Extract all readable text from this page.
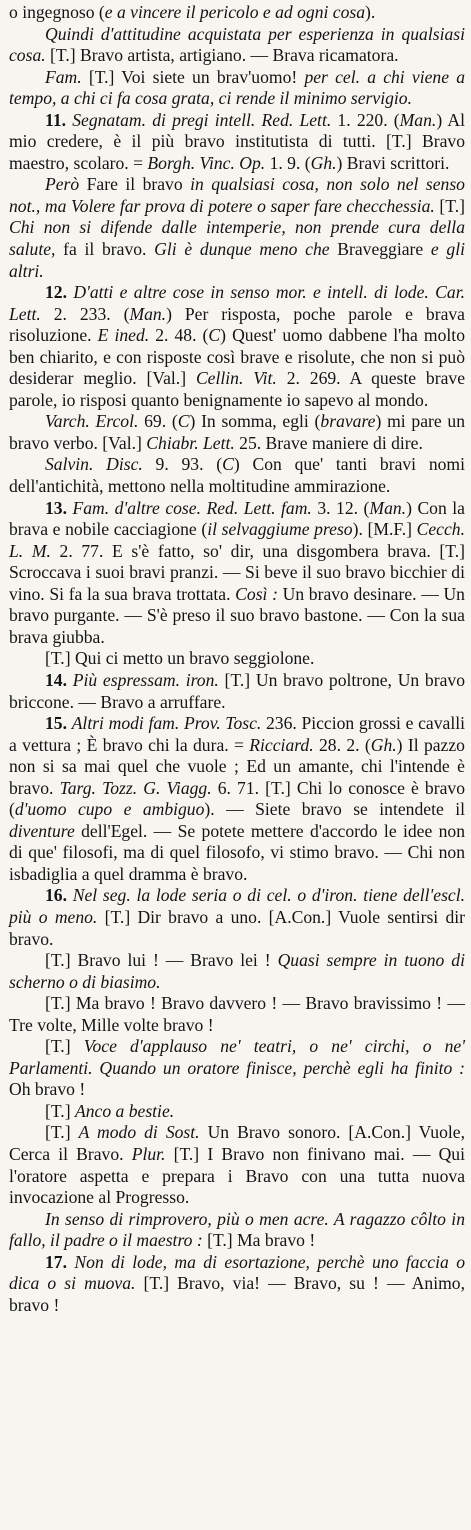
o ingegnoso (e a vincere il pericolo e ad ogni cosa).

Quindi d'attitudine acquistata per esperienza in qualsiasi cosa. [T.] Bravo artista, artigiano. — Brava ricamatora.

Fam. [T.] Voi siete un brav'uomo! per cel. a chi viene a tempo, a chi ci fa cosa grata, ci rende il minimo servigio.

11. Segnatam. di pregi intell. Red. Lett. 1. 220. (Man.) Al mio credere, è il più bravo institutista di tutti. [T.] Bravo maestro, scolaro. = Borgh. Vinc. Op. 1. 9. (Gh.) Bravi scrittori.

Però Fare il bravo in qualsiasi cosa, non solo nel senso not., ma Volere far prova di potere o saper fare checchessia. [T.] Chi non si difende dalle intemperie, non prende cura della salute, fa il bravo. Gli è dunque meno che Braveggiare e gli altri.

12. D'atti e altre cose in senso mor. e intell. di lode. Car. Lett. 2. 233. (Man.) Per risposta, poche parole e brava risoluzione. E ined. 2. 48. (C) Quest' uomo dabbene l'ha molto ben chiarito, e con risposte così brave e risolute, che non si può desiderar meglio. [Val.] Cellin. Vit. 2. 269. A queste brave parole, io risposi quanto benignamente io sapevo al mondo.

Varch. Ercol. 69. (C) In somma, egli (bravare) mi pare un bravo verbo. [Val.] Chiabr. Lett. 25. Brave maniere di dire.

Salvin. Disc. 9. 93. (C) Con que' tanti bravi nomi dell'antichità, mettono nella moltitudine ammirazione.

13. Fam. d'altre cose. Red. Lett. fam. 3. 12. (Man.) Con la brava e nobile cacciagione (il selvaggiume preso). [M.F.] Cecch. L. M. 2. 77. E s'è fatto, so' dir, una disgombera brava. [T.] Scroccava i suoi bravi pranzi. — Si beve il suo bravo bicchier di vino. Si fa la sua brava trottata. Così : Un bravo desinare. — Un bravo purgante. — S'è preso il suo bravo bastone. — Con la sua brava giubba.

[T.] Qui ci metto un bravo seggiolone.

14. Più espressam. iron. [T.] Un bravo poltrone, Un bravo briccone. — Bravo a arruffare.

15. Altri modi fam. Prov. Tosc. 236. Piccion grossi e cavalli a vettura ; È bravo chi la dura. = Ricciard. 28. 2. (Gh.) Il pazzo non si sa mai quel che vuole ; Ed un amante, chi l'intende è bravo. Targ. Tozz. G. Viagg. 6. 71. [T.] Chi lo conosce è bravo (d'uomo cupo e ambiguo). — Siete bravo se intendete il diventure dell'Egel. — Se potete mettere d'accordo le idee non di que' filosofi, ma di quel filosofo, vi stimo bravo. — Chi non isbadiglia a quel dramma è bravo.

16. Nel seg. la lode seria o di cel. o d'iron. tiene dell'escl. più o meno. [T.] Dir bravo a uno. [A.Con.] Vuole sentirsi dir bravo.

[T.] Bravo lui ! — Bravo lei ! Quasi sempre in tuono di scherno o di biasimo.

[T.] Ma bravo ! Bravo davvero ! — Bravo bravissimo ! — Tre volte, Mille volte bravo !

[T.] Voce d'applauso ne' teatri, o ne' circhi, o ne' Parlamenti. Quando un oratore finisce, perchè egli ha finito : Oh bravo !

[T.] Anco a bestie.

[T.] A modo di Sost. Un Bravo sonoro. [A.Con.] Vuole, Cerca il Bravo. Plur. [T.] I Bravo non finivano mai. — Qui l'oratore aspetta e prepara i Bravo con una tutta nuova invocazione al Progresso.

In senso di rimprovero, più o men acre. A ragazzo côlto in fallo, il padre o il maestro : [T.] Ma bravo !

17. Non di lode, ma di esortazione, perchè uno faccia o dica o si muova. [T.] Bravo, via! — Bravo, su ! — Animo, bravo !
